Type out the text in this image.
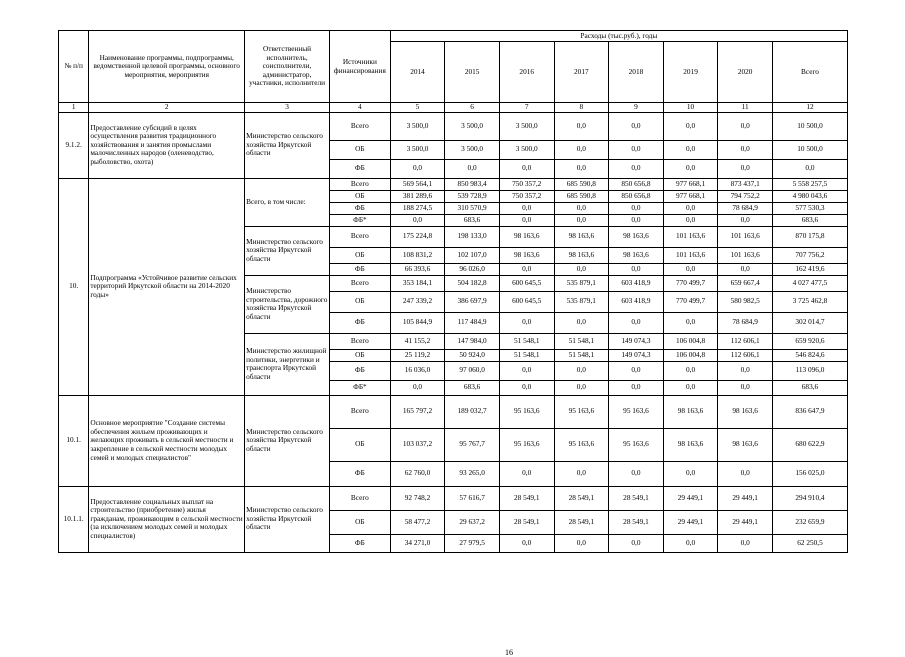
№ п/п	Наименование программы, подпрограммы, ведомственной целевой программы, основного мероприятия, мероприятия	Ответственный исполнитель, соисполнители, администратор, участники, исполнители	Источники финансирования	Расходы (тыс.руб.), годы							
				2014	2015	2016	2017	2018	2019	2020	Всего
1	2	3	4	5	6	7	8	9	10	11	12
9.1.2.	Предоставление субсидий в целях осуществления развития традиционного хозяйствования и занятия промыслами малочисленных народов (оленеводство, рыболовство, охота)	Министерство сельского хозяйства Иркутской области	Всего	3 500,0	3 500,0	3 500,0	0,0	0,0	0,0	0,0	10 500,0
			ОБ	3 500,0	3 500,0	3 500,0	0,0	0,0	0,0	0,0	10 500,0
			ФБ	0,0	0,0	0,0	0,0	0,0	0,0	0,0	0,0
10.	Подпрограмма «Устойчивое развитие сельских территорий Иркутской области на 2014-2020 годы»	Всего, в том числе:	Всего	569 564,1	850 983,4	750 357,2	685 590,8	850 656,8	977 668,1	873 437,1	5 558 257,5
			ОБ	381 289,6	539 728,9	750 357,2	685 590,8	850 656,8	977 668,1	794 752,2	4 980 043,6
			ФБ	188 274,5	310 570,9	0,0	0,0	0,0	0,0	78 684,9	577 530,3
			ФБ*	0,0	683,6	0,0	0,0	0,0	0,0	0,0	683,6
		Министерство сельского хозяйства Иркутской области	Всего	175 224,8	198 133,0	98 163,6	98 163,6	98 163,6	101 163,6	101 163,6	870 175,8
			ОБ	108 831,2	102 107,0	98 163,6	98 163,6	98 163,6	101 163,6	101 163,6	707 756,2
			ФБ	66 393,6	96 026,0	0,0	0,0	0,0	0,0	0,0	162 419,6
		Министерство строительства, дорожного хозяйства Иркутской области	Всего	353 184,1	504 182,8	600 645,5	535 879,1	603 418,9	770 499,7	659 667,4	4 027 477,5
			ОБ	247 339,2	386 697,9	600 645,5	535 879,1	603 418,9	770 499,7	580 982,5	3 725 462,8
			ФБ	105 844,9	117 484,9	0,0	0,0	0,0	0,0	78 684,9	302 014,7
		Министерство жилищной политики, энергетики и транспорта Иркутской области	Всего	41 155,2	147 984,0	51 548,1	51 548,1	149 074,3	106 004,8	112 606,1	659 920,6
			ОБ	25 119,2	50 924,0	51 548,1	51 548,1	149 074,3	106 004,8	112 606,1	546 824,6
			ФБ	16 036,0	97 060,0	0,0	0,0	0,0	0,0	0,0	113 096,0
			ФБ*	0,0	683,6	0,0	0,0	0,0	0,0	0,0	683,6
10.1.	Основное мероприятие "Создание системы обеспечения жильем проживающих и желающих проживать в сельской местности и закрепление в сельской местности молодых семей и молодых специалистов"	Министерство сельского хозяйства Иркутской области	Всего	165 797,2	189 032,7	95 163,6	95 163,6	95 163,6	98 163,6	98 163,6	836 647,9
			ОБ	103 037,2	95 767,7	95 163,6	95 163,6	95 163,6	98 163,6	98 163,6	680 622,9
			ФБ	62 760,0	93 265,0	0,0	0,0	0,0	0,0	0,0	156 025,0
10.1.1.	Предоставление социальных выплат на строительство (приобретение) жилья гражданам, проживающим в сельской местности (за исключением молодых семей и молодых специалистов)	Министерство сельского хозяйства Иркутской области	Всего	92 748,2	57 616,7	28 549,1	28 549,1	28 549,1	29 449,1	29 449,1	294 910,4
			ОБ	58 477,2	29 637,2	28 549,1	28 549,1	28 549,1	29 449,1	29 449,1	232 659,9
			ФБ	34 271,0	27 979,5	0,0	0,0	0,0	0,0	0,0	62 250,5
16
